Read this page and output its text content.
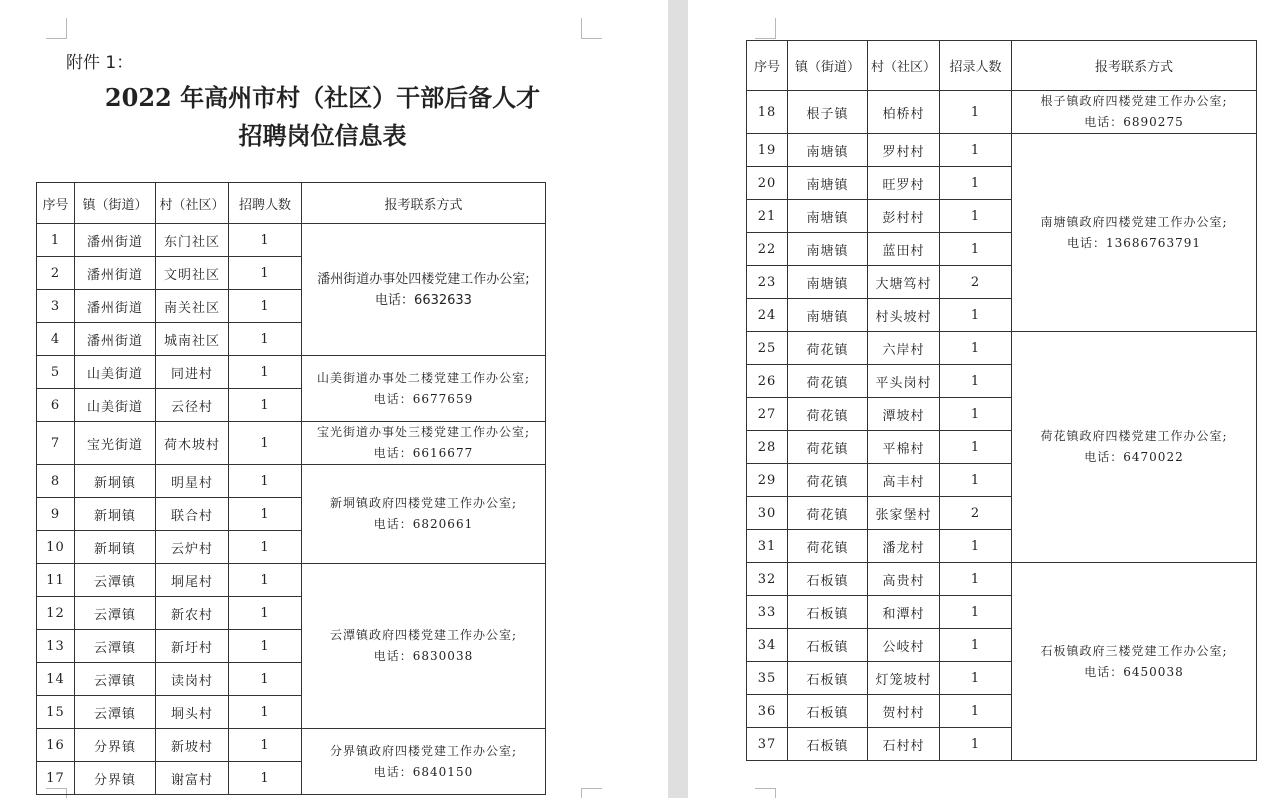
附件 1：
2022 年高州市村（社区）干部后备人才
招聘岗位信息表
序号	镇（街道）	村（社区）	招聘人数	报考联系方式
1	潘州街道	东门社区	1	潘州街道办事处四楼党建工作办公室;
电话：6632633

2	潘州街道	文明社区	1	
3	潘州街道	南关社区	1	
4	潘州街道	城南社区	1	
5	山美街道	同进村	1	山美街道办事处二楼党建工作办公室;
电话：6677659

6	山美街道	云径村	1	
7	宝光街道	荷木坡村	1	宝光街道办事处三楼党建工作办公室;
电话：6616677

8	新垌镇	明星村	1	新垌镇政府四楼党建工作办公室;
电话：6820661

9	新垌镇	联合村	1	
10	新垌镇	云炉村	1	
11	云潭镇	垌尾村	1	云潭镇政府四楼党建工作办公室;
电话：6830038

12	云潭镇	新农村	1	
13	云潭镇	新圩村	1	
14	云潭镇	读岗村	1	
15	云潭镇	垌头村	1	
16	分界镇	新坡村	1	分界镇政府四楼党建工作办公室;
电话：6840150

17	分界镇	谢富村	1	
序号	镇（街道）	村（社区）	招录人数	报考联系方式
18	根子镇	柏桥村	1	根子镇政府四楼党建工作办公室;
电话：6890275

19	南塘镇	罗村村	1	南塘镇政府四楼党建工作办公室;
电话：13686763791

20	南塘镇	旺罗村	1	
21	南塘镇	彭村村	1	
22	南塘镇	蓝田村	1	
23	南塘镇	大塘笃村	2	
24	南塘镇	村头坡村	1	
25	荷花镇	六岸村	1	荷花镇政府四楼党建工作办公室;
电话：6470022

26	荷花镇	平头岗村	1	
27	荷花镇	潭坡村	1	
28	荷花镇	平棉村	1	
29	荷花镇	高丰村	1	
30	荷花镇	张家堡村	2	
31	荷花镇	潘龙村	1	
32	石板镇	高贵村	1	石板镇政府三楼党建工作办公室;
电话：6450038

33	石板镇	和潭村	1	
34	石板镇	公岐村	1	
35	石板镇	灯笼坡村	1	
36	石板镇	贺村村	1	
37	石板镇	石村村	1	
